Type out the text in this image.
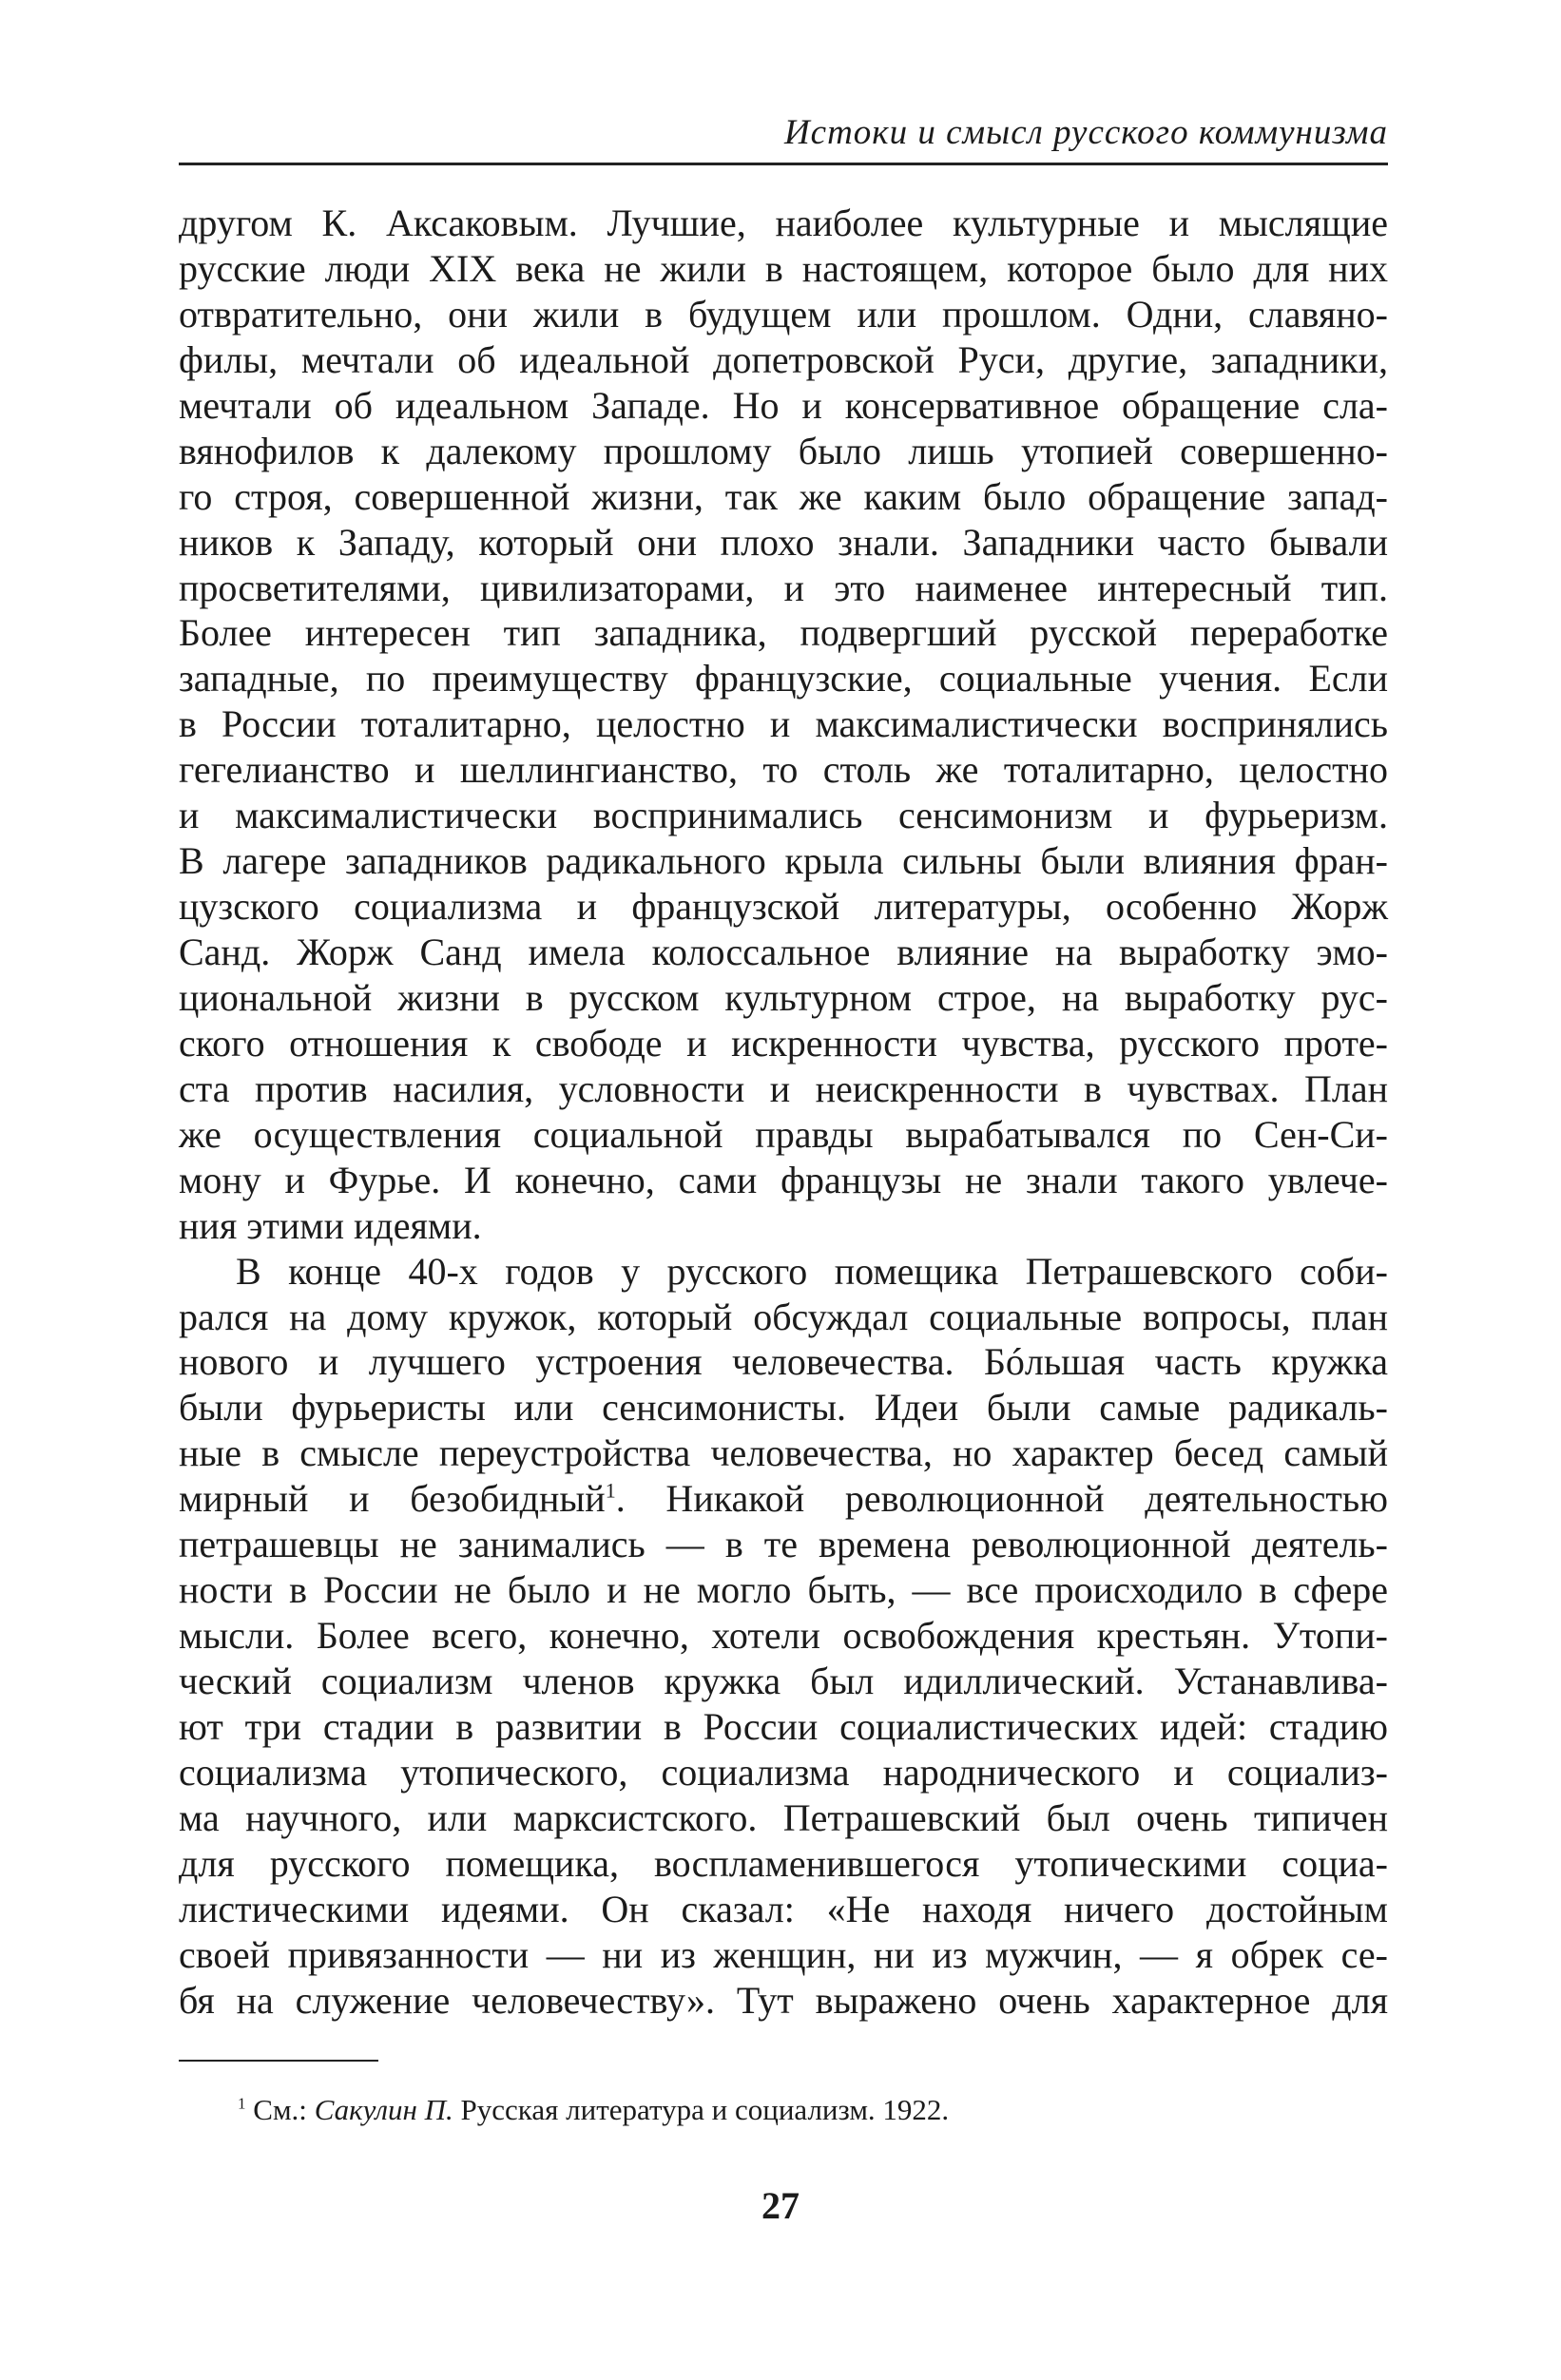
Истоки и смысл русского коммунизма
другом К. Аксаковым. Лучшие, наиболее культурные и мыслящие
русские люди XIX века не жили в настоящем, которое было для них
отвратительно, они жили в будущем или прошлом. Одни, славяно-
филы, мечтали об идеальной допетровской Руси, другие, западники,
мечтали об идеальном Западе. Но и консервативное обращение сла-
вянофилов к далекому прошлому было лишь утопией совершенно-
го строя, совершенной жизни, так же каким было обращение запад-
ников к Западу, который они плохо знали. Западники часто бывали
просветителями, цивилизаторами, и это наименее интересный тип.
Более интересен тип западника, подвергший русской переработке
западные, по преимуществу французские, социальные учения. Если
в России тоталитарно, целостно и максималистически воспринялись
гегелианство и шеллингианство, то столь же тоталитарно, целостно
и максималистически воспринимались сенсимонизм и фурьеризм.
В лагере западников радикального крыла сильны были влияния фран-
цузского социализма и французской литературы, особенно Жорж
Санд. Жорж Санд имела колоссальное влияние на выработку эмо-
циональной жизни в русском культурном строе, на выработку рус-
ского отношения к свободе и искренности чувства, русского проте-
ста против насилия, условности и неискренности в чувствах. План
же осуществления социальной правды вырабатывался по Сен-Си-
мону и Фурье. И конечно, сами французы не знали такого увлече-
ния этими идеями.
В конце 40-х годов у русского помещика Петрашевского соби-
рался на дому кружок, который обсуждал социальные вопросы, план
нового и лучшего устроения человечества. Бóльшая часть кружка
были фурьеристы или сенсимонисты. Идеи были самые радикаль-
ные в смысле переустройства человечества, но характер бесед самый
мирный и безобидный$^1$. Никакой революционной деятельностью
петрашевцы не занимались — в те времена революционной деятель-
ности в России не было и не могло быть, — все происходило в сфере
мысли. Более всего, конечно, хотели освобождения крестьян. Утопи-
ческий социализм членов кружка был идиллический. Устанавлива-
ют три стадии в развитии в России социалистических идей: стадию
социализма утопического, социализма народнического и социализ-
ма научного, или марксистского. Петрашевский был очень типичен
для русского помещика, воспламенившегося утопическими социа-
листическими идеями. Он сказал: «Не находя ничего достойным
своей привязанности — ни из женщин, ни из мужчин, — я обрек се-
бя на служение человечеству». Тут выражено очень характерное для
$^1$ См.: Сакулин П. Русская литература и социализм. 1922.
27
